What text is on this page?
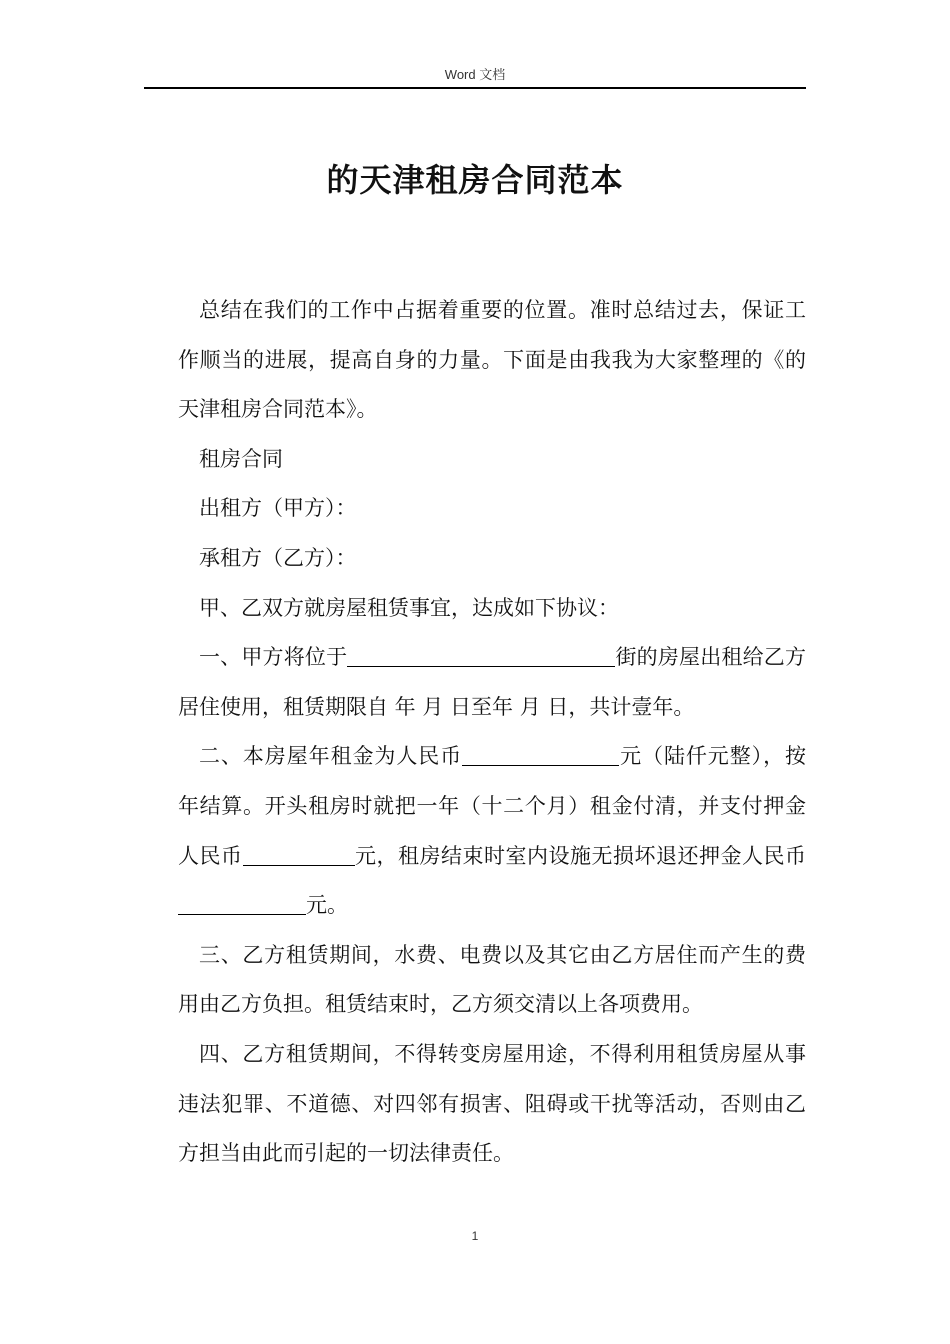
Word 文档
的天津租房合同范本

总结在我们的工作中占据着重要的位置。准时总结过去，保证工作顺当的进展，提高自身的力量。下面是由我我为大家整理的《的天津租房合同范本》。

租房合同

出租方（甲方）：

承租方（乙方）：

甲、乙双方就房屋租赁事宜，达成如下协议：

一、甲方将位于	街的房屋出租给乙方居住使用，租赁期限自 年 月 日至年 月 日，共计壹年。

二、本房屋年租金为人民币	元（陆仟元整），按年结算。开头租房时就把一年（十二个月）租金付清，并支付押金人民币	元，租房结束时室内设施无损坏退还押金人民币元。

三、乙方租赁期间，水费、电费以及其它由乙方居住而产生的费用由乙方负担。租赁结束时，乙方须交清以上各项费用。

四、乙方租赁期间，不得转变房屋用途，不得利用租赁房屋从事违法犯罪、不道德、对四邻有损害、阻碍或干扰等活动，否则由乙方担当由此而引起的一切法律责任。

1
